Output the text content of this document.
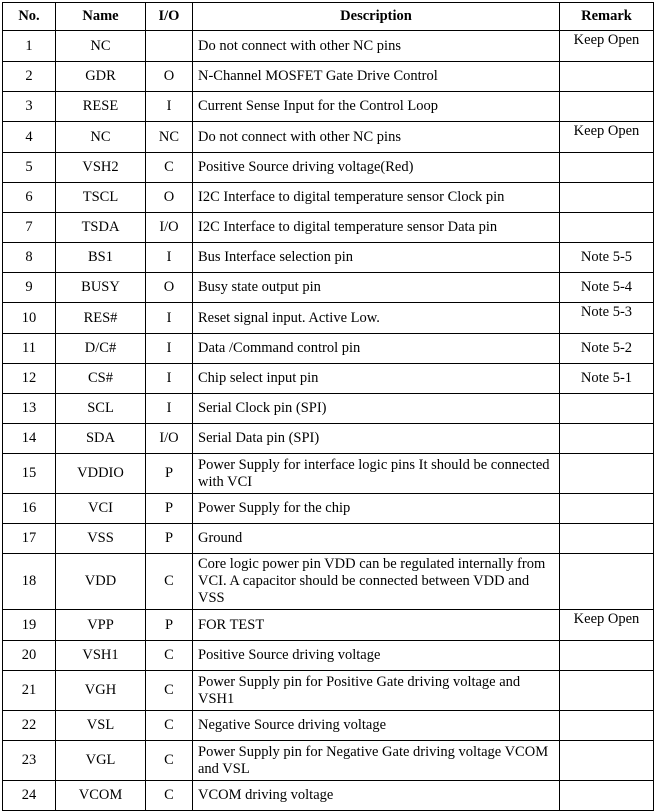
No.	Name	I/O	Description	Remark
1	NC		Do not connect with other NC pins	Keep Open
2	GDR	O	N-Channel MOSFET Gate Drive Control	
3	RESE	I	Current Sense Input for the Control Loop	
4	NC	NC	Do not connect with other NC pins	Keep Open
5	VSH2	C	Positive Source driving voltage(Red)	
6	TSCL	O	I2C Interface to digital temperature sensor Clock pin	
7	TSDA	I/O	I2C Interface to digital temperature sensor Data pin	
8	BS1	I	Bus Interface selection pin	Note 5-5
9	BUSY	O	Busy state output pin	Note 5-4
10	RES#	I	Reset signal input. Active Low.	Note 5-3
11	D/C#	I	Data /Command control pin	Note 5-2
12	CS#	I	Chip select input pin	Note 5-1
13	SCL	I	Serial Clock pin (SPI)	
14	SDA	I/O	Serial Data pin (SPI)	
15	VDDIO	P	Power Supply for interface logic pins It should be connected with VCI	
16	VCI	P	Power Supply for the chip	
17	VSS	P	Ground	
18	VDD	C	Core logic power pin VDD can be regulated internally from VCI. A capacitor should be connected between VDD and VSS	
19	VPP	P	FOR TEST	Keep Open
20	VSH1	C	Positive Source driving voltage	
21	VGH	C	Power Supply pin for Positive Gate driving voltage and VSH1	
22	VSL	C	Negative Source driving voltage	
23	VGL	C	Power Supply pin for Negative Gate driving voltage VCOM and VSL	
24	VCOM	C	VCOM driving voltage	
